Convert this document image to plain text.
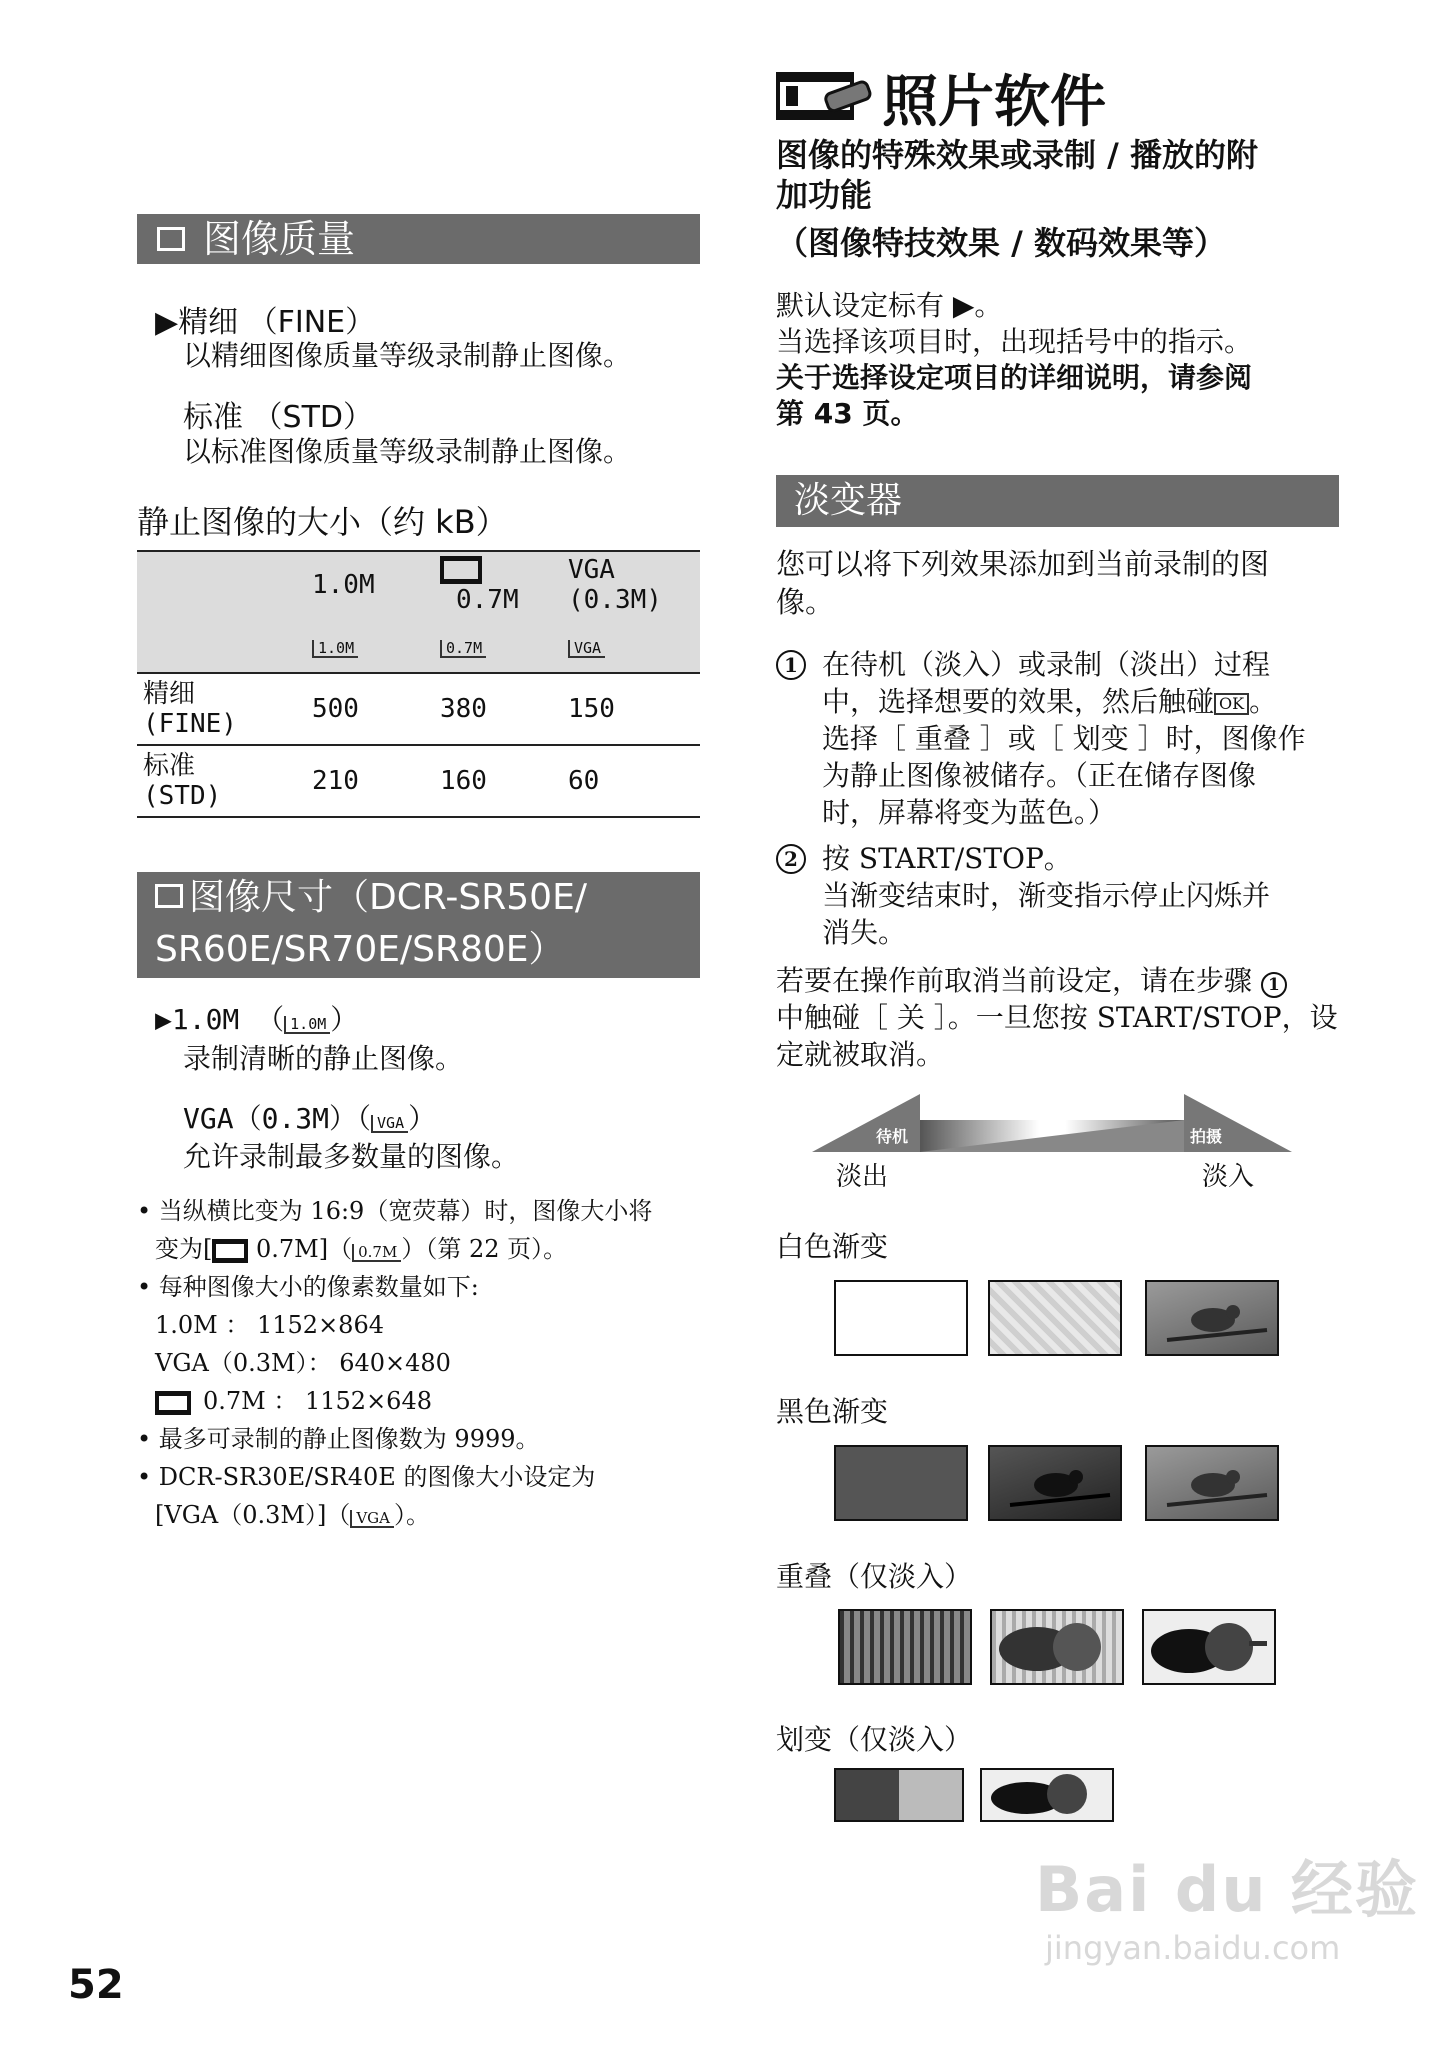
图像质量
▶精细 （FINE）
以精细图像质量等级录制静止图像。
标准 （STD）
以标准图像质量等级录制静止图像。
静止图像的大小（约 kB）
	1.0M	0.7M	VGA
(0.3M)
	1.0M	0.7M	VGA
精细
(FINE)	500	380	150
标准
(STD)	210	160	60
图像尺寸（DCR-SR50E/
SR60E/SR70E/SR80E）
▶1.0M （ 1.0M ）
录制清晰的静止图像。
VGA（0.3M）（ VGA ）
允许录制最多数量的图像。
• 当纵横比变为 16:9（宽荧幕）时，图像大小将
变为[ 0.7M]（ 0.7M ）（第 22 页）。
• 每种图像大小的像素数量如下:
1.0M ： 1152×864
VGA（0.3M）： 640×480
0.7M ： 1152×648
• 最多可录制的静止图像数为 9999。
• DCR-SR30E/SR40E 的图像大小设定为
[VGA（0.3M）]（ VGA ）。
照片软件
图像的特殊效果或录制 / 播放的附
加功能
（图像特技效果 / 数码效果等）
默认设定标有 ▶。
当选择该项目时，出现括号中的指示。
关于选择设定项目的详细说明，请参阅
第 43 页。
淡变器
您可以将下列效果添加到当前录制的图
像。
1 在待机（淡入）或录制（淡出）过程
中，选择想要的效果，然后触碰 OK 。
选择［ 重叠 ］或［ 划变 ］时，图像作
为静止图像被储存。（正在储存图像
时，屏幕将变为蓝色。）
2 按 START/STOP。
当渐变结束时，渐变指示停止闪烁并
消失。
若要在操作前取消当前设定，请在步骤 1
中触碰［ 关 ］。一旦您按 START/STOP，设
定就被取消。
待机	拍摄
淡出	淡入
白色渐变
黑色渐变
重叠（仅淡入）
划变（仅淡入）
52
Bai du 经验
jingyan.baidu.com
